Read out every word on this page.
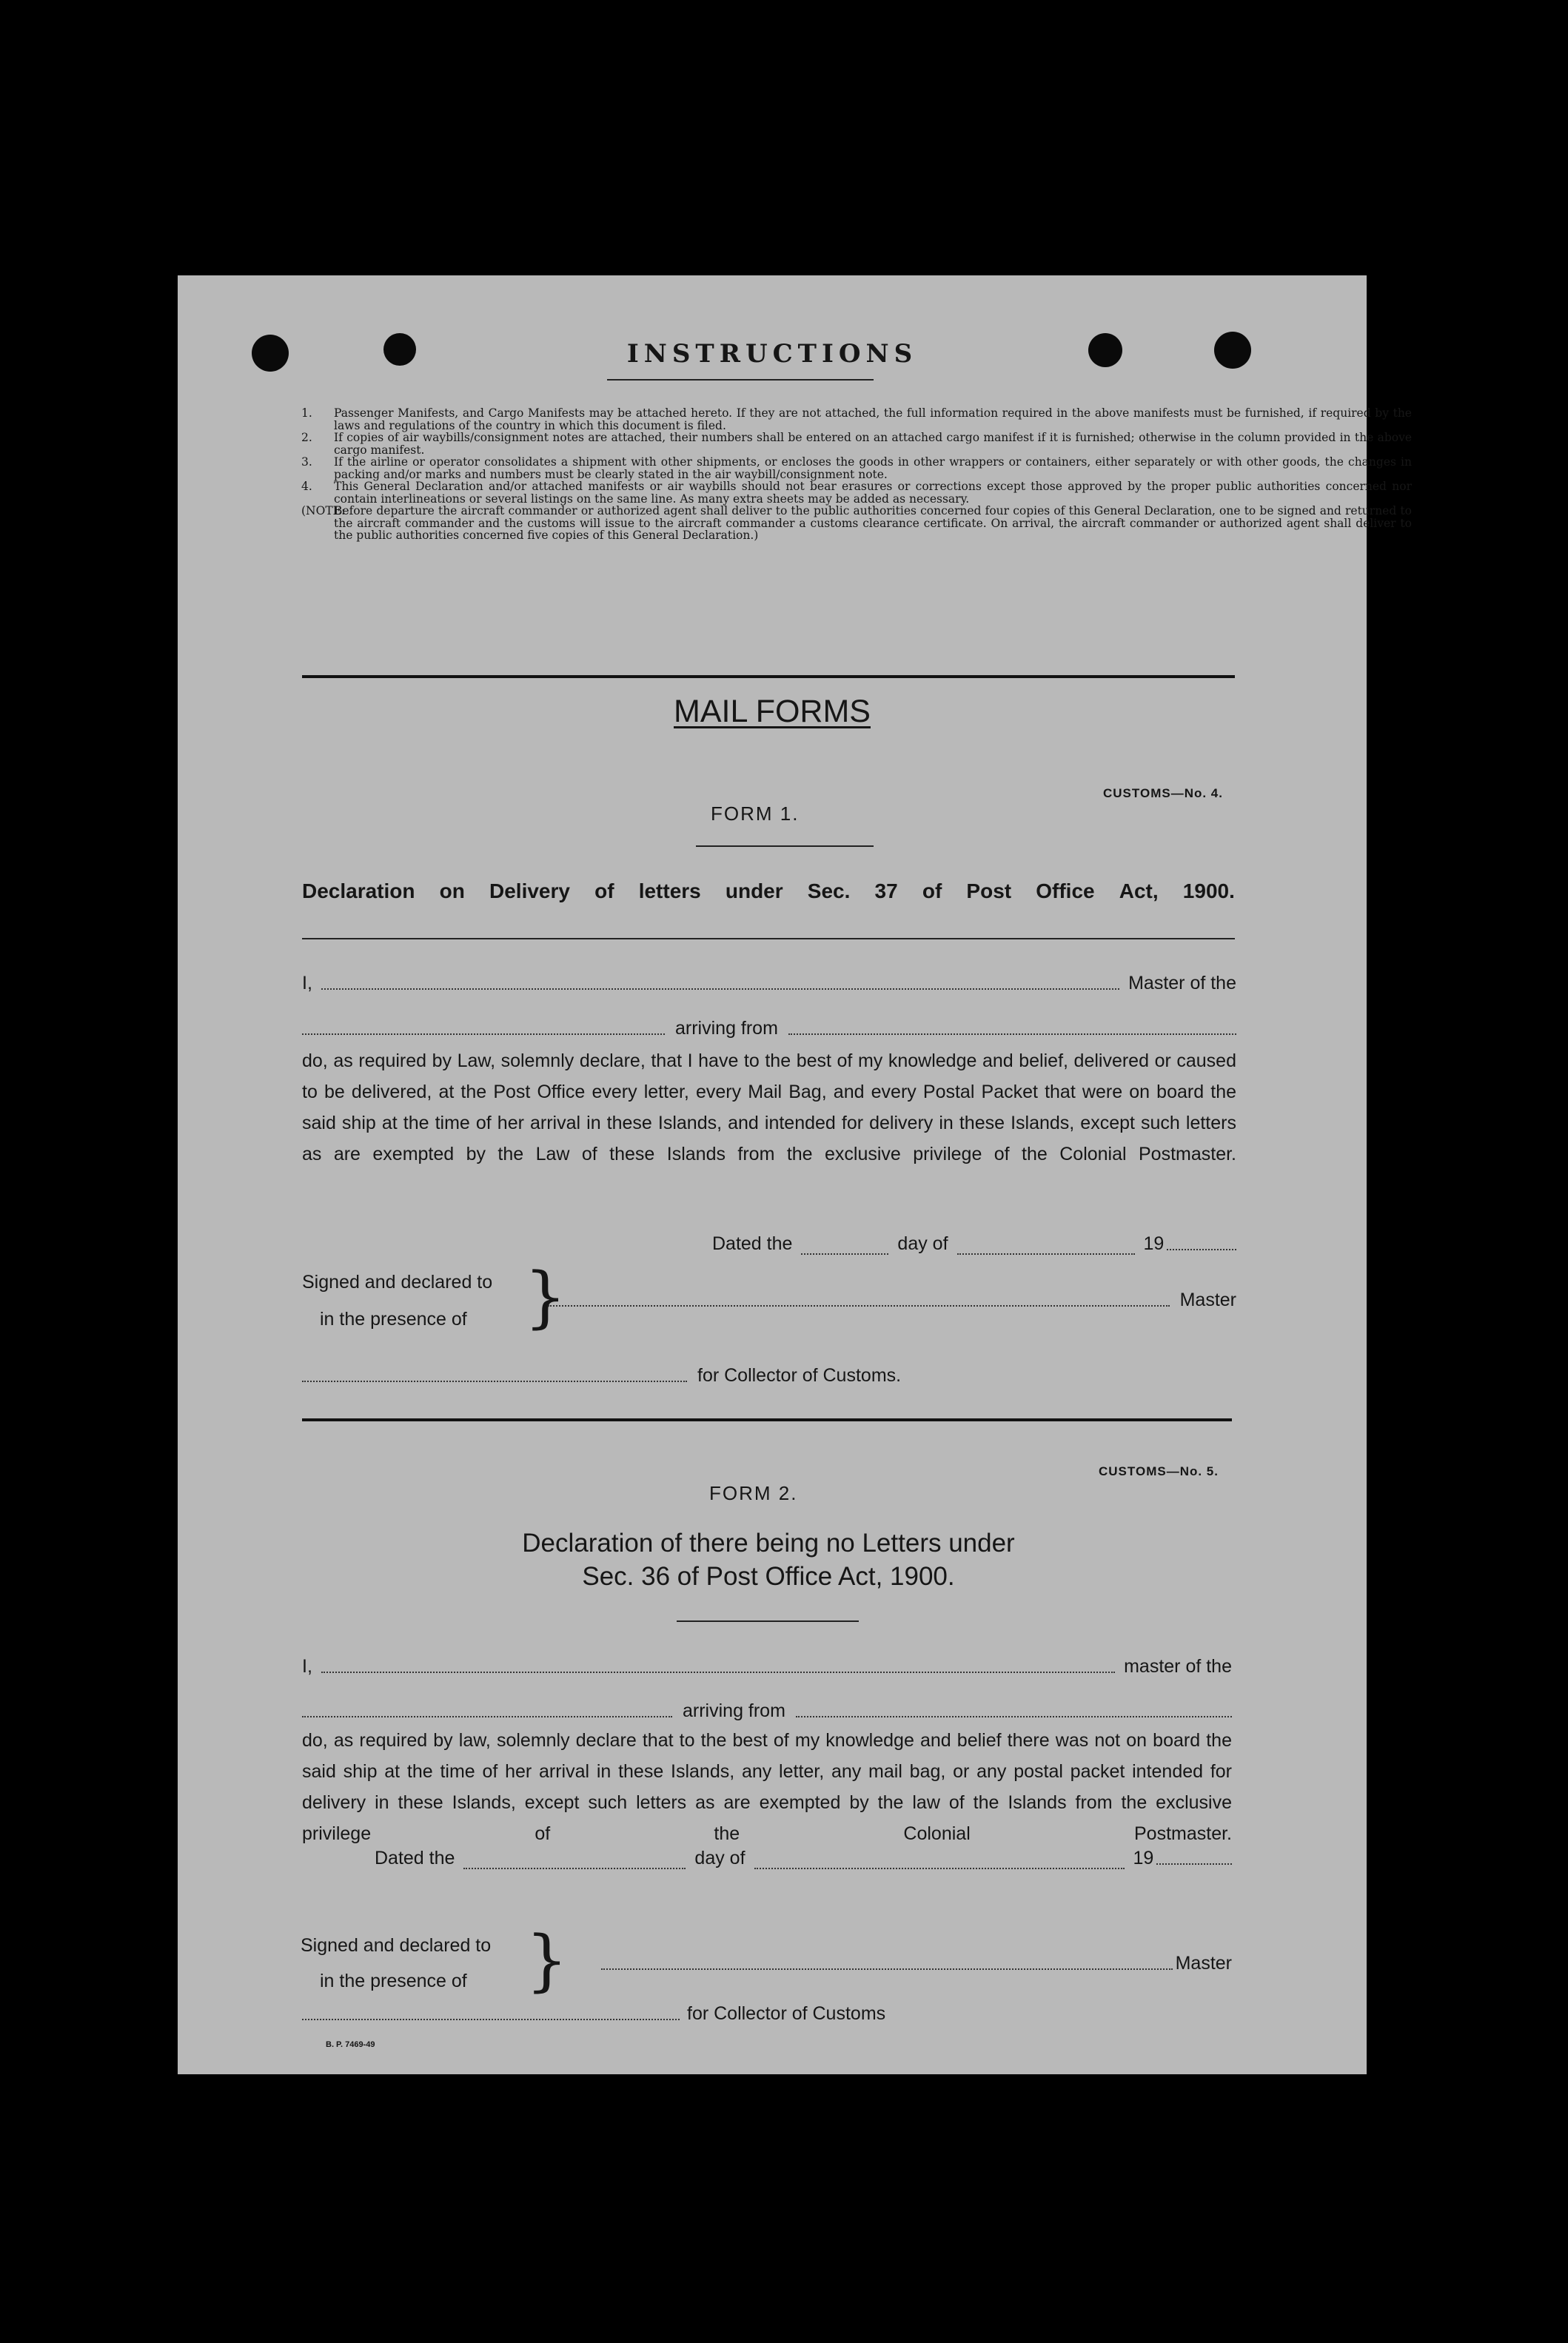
INSTRUCTIONS
1.	Passenger Manifests, and Cargo Manifests may be attached hereto. If they are not attached, the full information required in the above manifests must be furnished, if required by the laws and regulations of the country in which this document is filed.
2.	If copies of air waybills/consignment notes are attached, their numbers shall be entered on an attached cargo manifest if it is furnished; otherwise in the column provided in the above cargo manifest.
3.	If the airline or operator consolidates a shipment with other shipments, or encloses the goods in other wrappers or containers, either separately or with other goods, the changes in packing and/or marks and numbers must be clearly stated in the air waybill/consignment note.
4.	This General Declaration and/or attached manifests or air waybills should not bear erasures or corrections except those approved by the proper public authorities concerned nor contain interlineations or several listings on the same line. As many extra sheets may be added as necessary.
(NOTE:
Before departure the aircraft commander or authorized agent shall deliver to the public authorities concerned four copies of this General Declaration, one to be signed and returned to the aircraft commander and the customs will issue to the aircraft commander a customs clearance certificate. On arrival, the aircraft commander or authorized agent shall deliver to the public authorities concerned five copies of this General Declaration.)
MAIL FORMS
CUSTOMS—No. 4.
FORM 1.
Declaration on Delivery of letters under Sec. 37 of Post Office Act, 1900.
I,	Master of the
arriving from
do, as required by Law, solemnly declare, that I have to the best of my knowledge and belief, delivered or caused to be delivered, at the Post Office every letter, every Mail Bag, and every Postal Packet that were on board the said ship at the time of her arrival in these Islands, and intended for delivery in these Islands, except such letters as are exempted by the Law of these Islands from the exclusive privilege of the Colonial Postmaster.
Dated the	day of	19
Signed and declared to
in the presence of }	Master
for Collector of Customs.
CUSTOMS—No. 5.
FORM 2.
Declaration of there being no Letters under
Sec. 36 of Post Office Act, 1900.
I,	master of the
arriving from
do, as required by law, solemnly declare that to the best of my knowledge and belief there was not on board the said ship at the time of her arrival in these Islands, any letter, any mail bag, or any postal packet intended for delivery in these Islands, except such letters as are exempted by the law of the Islands from the exclusive privilege of the Colonial Postmaster.
Dated the	day of	19
Signed and declared to
in the presence of }	Master
for Collector of Customs
B. P. 7469-49
